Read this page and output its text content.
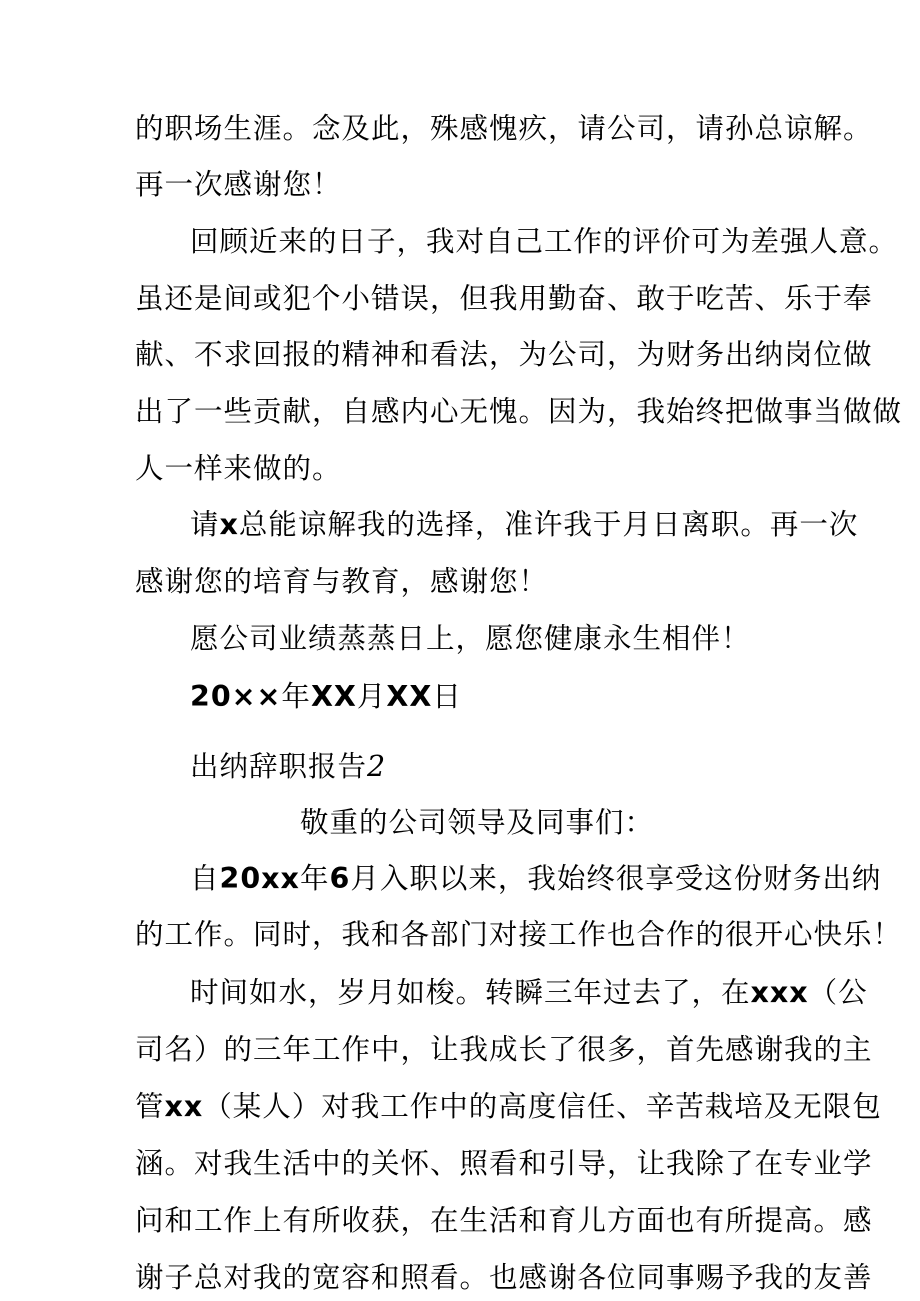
的职场生涯。念及此，殊感愧疚，请公司，请孙总谅解。
再一次感谢您！
回顾近来的日子，我对自己工作的评价可为差强人意。
虽还是间或犯个小错误，但我用勤奋、敢于吃苦、乐于奉
献、不求回报的精神和看法，为公司，为财务出纳岗位做
出了一些贡献，自感内心无愧。因为，我始终把做事当做做
人一样来做的。
请x总能谅解我的选择，准许我于月日离职。再一次
感谢您的培育与教育，感谢您！
愿公司业绩蒸蒸日上，愿您健康永生相伴！
20××年XX月XX日
出纳辞职报告2
敬重的公司领导及同事们：
自20xx年6月入职以来，我始终很享受这份财务出纳
的工作。同时，我和各部门对接工作也合作的很开心快乐！
时间如水，岁月如梭。转瞬三年过去了，在xxx（公
司名）的三年工作中，让我成长了很多，首先感谢我的主
管xx（某人）对我工作中的高度信任、辛苦栽培及无限包
涵。对我生活中的关怀、照看和引导，让我除了在专业学
问和工作上有所收获，在生活和育儿方面也有所提高。感
谢子总对我的宽容和照看。也感谢各位同事赐予我的友善
